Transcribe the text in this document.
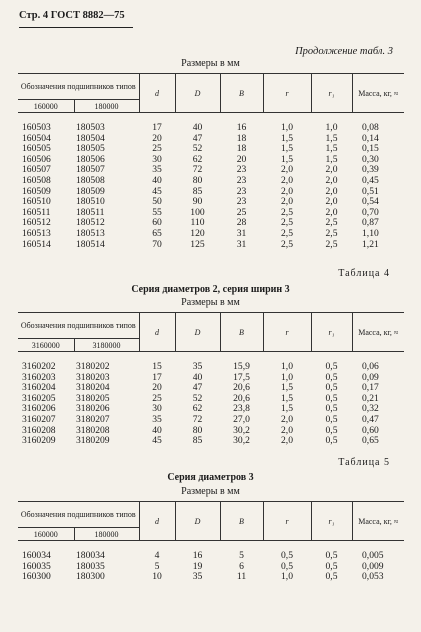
Стр. 4 ГОСТ 8882—75
Продолжение табл. 3
Размеры в мм
Обозначения подшипников типов		d	D	B	r	r₁	Масса, кг, ≈
160000	180000						

160503	180503	17	40	16	1,0	1,0	0,08
160504	180504	20	47	18	1,5	1,5	0,14
160505	180505	25	52	18	1,5	1,5	0,15
160506	180506	30	62	20	1,5	1,5	0,30
160507	180507	35	72	23	2,0	2,0	0,39
160508	180508	40	80	23	2,0	2,0	0,45
160509	180509	45	85	23	2,0	2,0	0,51
160510	180510	50	90	23	2,0	2,0	0,54
160511	180511	55	100	25	2,5	2,0	0,70
160512	180512	60	110	28	2,5	2,5	0,87
160513	180513	65	120	31	2,5	2,5	1,10
160514	180514	70	125	31	2,5	2,5	1,21
Таблица 4
Серия диаметров 2, серия ширин 3
Размеры в мм
Обозначения подшипников типов		d	D	B	r	r₁	Масса, кг, ≈
3160000	3180000						

3160202	3180202	15	35	15,9	1,0	0,5	0,06
3160203	3180203	17	40	17,5	1,0	0,5	0,09
3160204	3180204	20	47	20,6	1,5	0,5	0,17
3160205	3180205	25	52	20,6	1,5	0,5	0,21
3160206	3180206	30	62	23,8	1,5	0,5	0,32
3160207	3180207	35	72	27,0	2,0	0,5	0,47
3160208	3180208	40	80	30,2	2,0	0,5	0,60
3160209	3180209	45	85	30,2	2,0	0,5	0,65
Таблица 5
Серия диаметров 3
Размеры в мм
Обозначения подшипников типов		d	D	B	r	r₁	Масса, кг, ≈
160000	180000						

160034	180034	4	16	5	0,5	0,5	0,005
160035	180035	5	19	6	0,5	0,5	0,009
160300	180300	10	35	11	1,0	0,5	0,053
